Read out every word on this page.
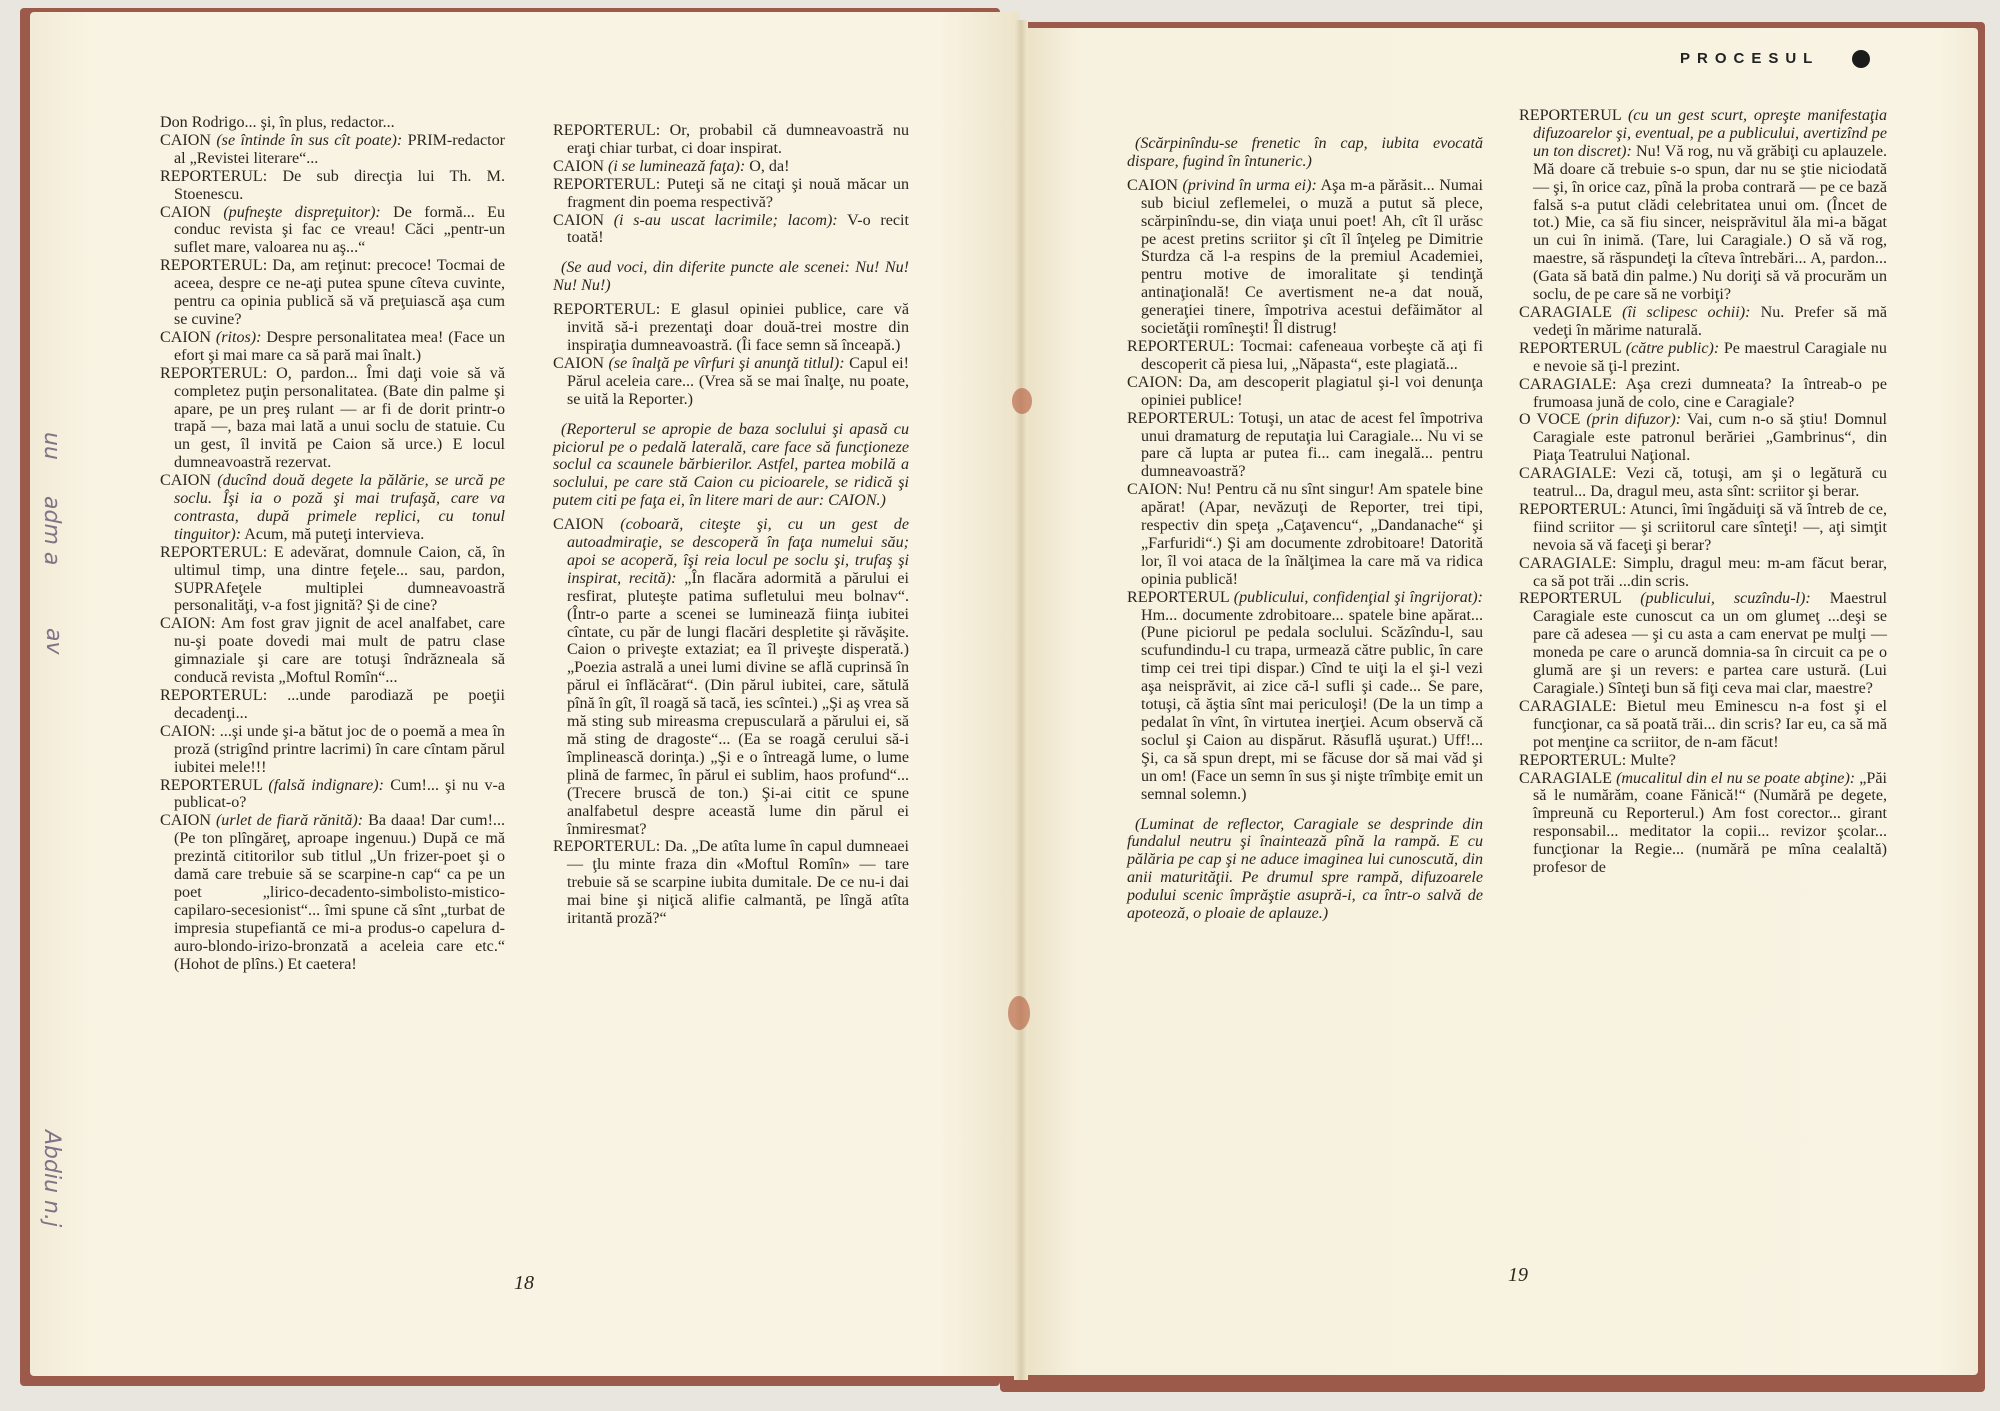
uu
adm a
av
Abdiu n.j
PROCESUL

Don Rodrigo... şi, în plus, redactor...

CAION (se întinde în sus cît poate): PRIM-redactor al „Revistei literare“...

REPORTERUL: De sub direcţia lui Th. M. Stoenescu.

CAION (pufneşte dispreţuitor): De formă... Eu conduc revista şi fac ce vreau! Căci „pentr-un suflet mare, valoarea nu aş...“

REPORTERUL: Da, am reţinut: precoce! Tocmai de aceea, despre ce ne-aţi putea spune cîteva cuvinte, pentru ca opinia publică să vă preţuiască aşa cum se cuvine?

CAION (ritos): Despre personalitatea mea! (Face un efort şi mai mare ca să pară mai înalt.)

REPORTERUL: O, pardon... Îmi daţi voie să vă completez puţin personalitatea. (Bate din palme şi apare, pe un preş rulant — ar fi de dorit printr-o trapă —, baza mai lată a unui soclu de statuie. Cu un gest, îl invită pe Caion să urce.) E locul dumneavoastră rezervat.

CAION (ducînd două degete la pălărie, se urcă pe soclu. Îşi ia o poză şi mai trufaşă, care va contrasta, după primele replici, cu tonul tinguitor): Acum, mă puteţi intervieva.

REPORTERUL: E adevărat, domnule Caion, că, în ultimul timp, una dintre feţele... sau, pardon, SUPRAfeţele multiplei dumneavoastră personalităţi, v-a fost jignită? Şi de cine?

CAION: Am fost grav jignit de acel analfabet, care nu-şi poate dovedi mai mult de patru clase gimnaziale şi care are totuşi îndrăzneala să conducă revista „Moftul Romîn“...

REPORTERUL: ...unde parodiază pe poeţii decadenţi...

CAION: ...şi unde şi-a bătut joc de o poemă a mea în proză (strigînd printre lacrimi) în care cîntam părul iubitei mele!!!

REPORTERUL (falsă indignare): Cum!... şi nu v-a publicat-o?

CAION (urlet de fiară rănită): Ba daaa! Dar cum!... (Pe ton plîngăreţ, aproape ingenuu.) După ce mă prezintă cititorilor sub titlul „Un frizer-poet şi o damă care trebuie să se scarpine-n cap“ ca pe un poet „lirico-decadento-simbolisto-mistico-capilaro-secesionist“... îmi spune că sînt „turbat de impresia stupefiantă ce mi-a produs-o capelura d-auro-blondo-irizo-bronzată a aceleia care etc.“ (Hohot de plîns.) Et caetera!

REPORTERUL: Or, probabil că dumneavoastră nu eraţi chiar turbat, ci doar inspirat.

CAION (i se luminează faţa): O, da!

REPORTERUL: Puteţi să ne citaţi şi nouă măcar un fragment din poema respectivă?

CAION (i s-au uscat lacrimile; lacom): V-o recit toată!

(Se aud voci, din diferite puncte ale scenei: Nu! Nu! Nu! Nu!)

REPORTERUL: E glasul opiniei publice, care vă invită să-i prezentaţi doar două-trei mostre din inspiraţia dumneavoastră. (Îi face semn să înceapă.)

CAION (se înalţă pe vîrfuri şi anunţă titlul): Capul ei! Părul aceleia care... (Vrea să se mai înalţe, nu poate, se uită la Reporter.)

(Reporterul se apropie de baza soclului şi apasă cu piciorul pe o pedală laterală, care face să funcţioneze soclul ca scaunele bărbierilor. Astfel, partea mobilă a soclului, pe care stă Caion cu picioarele, se ridică şi putem citi pe faţa ei, în litere mari de aur: CAION.)

CAION (coboară, citeşte şi, cu un gest de autoadmiraţie, se descoperă în faţa numelui său; apoi se acoperă, îşi reia locul pe soclu şi, trufaş şi inspirat, recită): „În flacăra adormită a părului ei resfirat, pluteşte patima sufletului meu bolnav“. (Într-o parte a scenei se luminează fiinţa iubitei cîntate, cu păr de lungi flacări despletite şi răvăşite. Caion o priveşte extaziat; ea îl priveşte disperată.) „Poezia astrală a unei lumi divine se află cuprinsă în părul ei înflăcărat“. (Din părul iubitei, care, sătulă pînă în gît, îl roagă să tacă, ies scîntei.) „Şi aş vrea să mă sting sub mireasma crepusculară a părului ei, să mă sting de dragoste“... (Ea se roagă cerului să-i împlinească dorinţa.) „Şi e o întreagă lume, o lume plină de farmec, în părul ei sublim, haos profund“... (Trecere bruscă de ton.) Şi-ai citit ce spune analfabetul despre această lume din părul ei înmiresmat?

REPORTERUL: Da. „De atîta lume în capul dumneaei — ţlu minte fraza din «Moftul Romîn» — tare trebuie să se scarpine iubita dumitale. De ce nu-i dai mai bine şi niţică alifie calmantă, pe lîngă atîta iritantă proză?“

(Scărpinîndu-se frenetic în cap, iubita evocată dispare, fugind în întuneric.)

CAION (privind în urma ei): Aşa m-a părăsit... Numai sub biciul zeflemelei, o muză a putut să plece, scărpinîndu-se, din viaţa unui poet! Ah, cît îl urăsc pe acest pretins scriitor şi cît îl înţeleg pe Dimitrie Sturdza că l-a respins de la premiul Academiei, pentru motive de imoralitate şi tendinţă antinaţională! Ce avertisment ne-a dat nouă, generaţiei tinere, împotriva acestui defăimător al societăţii romîneşti! Îl distrug!

REPORTERUL: Tocmai: cafeneaua vorbeşte că aţi fi descoperit că piesa lui, „Năpasta“, este plagiată...

CAION: Da, am descoperit plagiatul şi-l voi denunţa opiniei publice!

REPORTERUL: Totuşi, un atac de acest fel împotriva unui dramaturg de reputaţia lui Caragiale... Nu vi se pare că lupta ar putea fi... cam inegală... pentru dumneavoastră?

CAION: Nu! Pentru că nu sînt singur! Am spatele bine apărat! (Apar, nevăzuţi de Reporter, trei tipi, respectiv din speţa „Caţavencu“, „Dandanache“ şi „Farfuridi“.) Şi am documente zdrobitoare! Datorită lor, îl voi ataca de la înălţimea la care mă va ridica opinia publică!

REPORTERUL (publicului, confidenţial şi îngrijorat): Hm... documente zdrobitoare... spatele bine apărat... (Pune piciorul pe pedala soclului. Scăzîndu-l, sau scufundindu-l cu trapa, urmează către public, în care timp cei trei tipi dispar.) Cînd te uiţi la el şi-l vezi aşa neisprăvit, ai zice că-l sufli şi cade... Se pare, totuşi, că ăştia sînt mai periculoşi! (De la un timp a pedalat în vînt, în virtutea inerţiei. Acum observă că soclul şi Caion au dispărut. Răsuflă uşurat.) Uff!... Şi, ca să spun drept, mi se făcuse dor să mai văd şi un om! (Face un semn în sus şi nişte trîmbiţe emit un semnal solemn.)

(Luminat de reflector, Caragiale se desprinde din fundalul neutru şi înaintează pînă la rampă. E cu pălăria pe cap şi ne aduce imaginea lui cunoscută, din anii maturităţii. Pe drumul spre rampă, difuzoarele podului scenic împrăştie asupră-i, ca într-o salvă de apoteoză, o ploaie de aplauze.)

REPORTERUL (cu un gest scurt, opreşte manifestaţia difuzoarelor şi, eventual, pe a publicului, avertizînd pe un ton discret): Nu! Vă rog, nu vă grăbiţi cu aplauzele. Mă doare că trebuie s-o spun, dar nu se ştie niciodată — şi, în orice caz, pînă la proba contrară — pe ce bază falsă s-a putut clădi celebritatea unui om. (Încet de tot.) Mie, ca să fiu sincer, neisprăvitul ăla mi-a băgat un cui în inimă. (Tare, lui Caragiale.) O să vă rog, maestre, să răspundeţi la cîteva întrebări... A, pardon... (Gata să bată din palme.) Nu doriţi să vă procurăm un soclu, de pe care să ne vorbiţi?

CARAGIALE (îi sclipesc ochii): Nu. Prefer să mă vedeţi în mărime naturală.

REPORTERUL (către public): Pe maestrul Caragiale nu e nevoie să ţi-l prezint.

CARAGIALE: Aşa crezi dumneata? Ia întreab-o pe frumoasa jună de colo, cine e Caragiale?

O VOCE (prin difuzor): Vai, cum n-o să ştiu! Domnul Caragiale este patronul berăriei „Gambrinus“, din Piaţa Teatrului Naţional.

CARAGIALE: Vezi că, totuşi, am şi o legătură cu teatrul... Da, dragul meu, asta sînt: scriitor şi berar.

REPORTERUL: Atunci, îmi îngăduiţi să vă întreb de ce, fiind scriitor — şi scriitorul care sînteţi! —, aţi simţit nevoia să vă faceţi şi berar?

CARAGIALE: Simplu, dragul meu: m-am făcut berar, ca să pot trăi ...din scris.

REPORTERUL (publicului, scuzîndu-l): Maestrul Caragiale este cunoscut ca un om glumeţ ...deşi se pare că adesea — şi cu asta a cam enervat pe mulţi — moneda pe care o aruncă domnia-sa în circuit ca pe o glumă are şi un revers: e partea care ustură. (Lui Caragiale.) Sînteţi bun să fiţi ceva mai clar, maestre?

CARAGIALE: Bietul meu Eminescu n-a fost şi el funcţionar, ca să poată trăi... din scris? Iar eu, ca să mă pot menţine ca scriitor, de n-am făcut!

REPORTERUL: Multe?

CARAGIALE (mucalitul din el nu se poate abţine): „Păi să le numărăm, coane Fănică!“ (Numără pe degete, împreună cu Reporterul.) Am fost corector... girant responsabil... meditator la copii... revizor şcolar... funcţionar la Regie... (numără pe mîna cealaltă) profesor de

18	19
